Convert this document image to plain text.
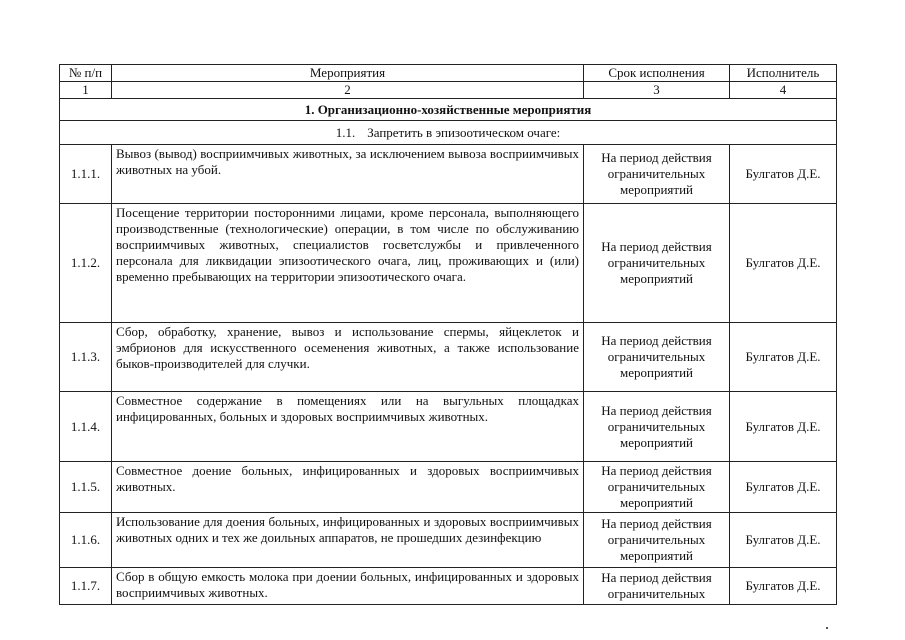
№ п/п	Мероприятия	Срок исполнения	Исполнитель
1	2	3	4
1. Организационно-хозяйственные мероприятия			
1.1. Запретить в эпизоотическом очаге:			
1.1.1.	Вывоз (вывод) восприимчивых животных, за исключением вывоза восприимчивых животных на убой.	На период действия ограничительных мероприятий	Булгатов Д.Е.
1.1.2.	Посещение территории посторонними лицами, кроме персонала, выполняющего производственные (технологические) операции, в том числе по обслуживанию восприимчивых животных, специалистов госветслужбы и привлеченного персонала для ликвидации эпизоотического очага, лиц, проживающих и (или) временно пребывающих на территории эпизоотического очага.	На период действия ограничительных мероприятий	Булгатов Д.Е.
1.1.3.	Сбор, обработку, хранение, вывоз и использование спермы, яйцеклеток и эмбрионов для искусственного осеменения животных, а также использование быков-производителей для случки.	На период действия ограничительных мероприятий	Булгатов Д.Е.
1.1.4.	Совместное содержание в помещениях или на выгульных площадках инфицированных, больных и здоровых восприимчивых животных.	На период действия ограничительных мероприятий	Булгатов Д.Е.
1.1.5.	Совместное доение больных, инфицированных и здоровых восприимчивых животных.	На период действия ограничительных мероприятий	Булгатов Д.Е.
1.1.6.	Использование для доения больных, инфицированных и здоровых восприимчивых животных одних и тех же доильных аппаратов, не прошедших дезинфекцию	На период действия ограничительных мероприятий	Булгатов Д.Е.
1.1.7.	Сбор в общую емкость молока при доении больных, инфицированных и здоровых восприимчивых животных.	На период действия ограничительных	Булгатов Д.Е.
